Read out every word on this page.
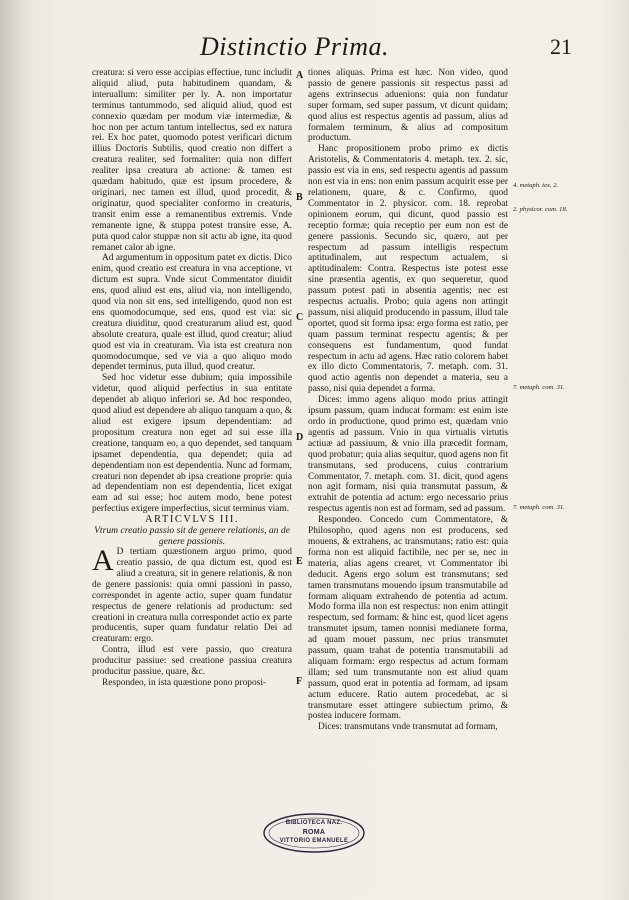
Distinctio Prima.	21

creatura: si vero esse accipias effectiue, tunc includit aliquid aliud, puta habitudinem quandam, & interuallum: similiter per ly. A. non importatur terminus tantummodo, sed aliquid aliud, quod est connexio quædam per modum viæ intermediæ, & hoc non per actum tantum intellectus, sed ex natura rei. Ex hoc patet, quomodo potest verificari dictum illius Doctoris Subtilis, quod creatio non differt a creatura realiter, sed formaliter: quia non differt realiter ipsa creatura ab actione: & tamen est quædam habitudo, quæ est ipsum procedere, & originari, nec tamen est illud, quod procedit, & originatur, quod specialiter conformo in creaturis, transit enim esse a remanentibus extremis. Vnde remanente igne, & stuppa potest transire esse, A. puta quod calor stuppæ non sit actu ab igne, ita quod remanet calor ab igne.

Ad argumentum in oppositum patet ex dictis. Dico enim, quod creatio est creatura in vna acceptione, vt dictum est supra. Vnde sicut Commentator diuidit ens, quod aliud est ens, aliud via, non intelligendo, quod via non sit ens, sed intelligendo, quod non est ens quomodocumque, sed ens, quod est via: sic creatura diuiditur, quod creaturarum aliud est, quod absolute creatura, quale est illud, quod creatur; aliud quod est via in creaturam. Via ista est creatura non quomodocumque, sed ve via a quo aliquo modo dependet terminus, puta illud, quod creatur.

Sed hoc videtur esse dubium; quia impossibile videtur, quod aliquid perfectius in sua entitate dependet ab aliquo inferiori se. Ad hoc respondeo, quod aliud est dependere ab aliquo tanquam a quo, & aliud est exigere ipsum dependentiam: ad propositum creatura non eget ad sui esse illa creatione, tanquam eo, a quo dependet, sed tanquam ipsamet dependentia, qua dependet; quia ad dependentiam non est dependentia. Nunc ad formam, creaturi non dependet ab ipsa creatione proprie: quia ad dependentiam non est dependentia, licet exigat eam ad sui esse; hoc autem modo, bene potest perfectius exigere imperfectius, sicut terminus viam.

ARTICVLVS III.

Vtrum creatio passio sit de genere relationis, an de genere passionis.

A D tertiam quæstionem arguo primo, quod creatio passio, de qua dictum est, quod est aliud a creatura, sit in genere relationis, & non de genere passionis: quia omni passioni in passo, correspondet in agente actio, super quam fundatur respectus de genere relationis ad productum: sed creationi in creatura nulla correspondet actio ex parte producentis, super quam fundatur relatio Dei ad creaturam: ergo.

Contra, illud est vere passio, quo creatura producitur passiue: sed creatione passiua creatura producitur passiue, quare, &c.

Respondeo, in ista quæstione pono proposi-

tiones aliquas. Prima est hæc. Non video, quod passio de genere passionis sit respectus passi ad agens extrinsecus aduenions: quia non fundatur super formam, sed super passum, vt dicunt quidam; quod alius est respectus agentis ad passum, alius ad formalem terminum, & alius ad compositum productum.

Hanc propositionem probo primo ex dictis Aristotelis, & Commentatoris 4. metaph. tex. 2. sic, passio est via in ens, sed respectu agentis ad passum non est via in ens: non enim passum acquirit esse per relationem, quare, & c. Confirmo, quod Commentator in 2. physicor. com. 18. reprobat opinionem eorum, qui dicunt, quod passio est receptio formæ; quia receptio per eum non est de genere passionis. Secundo sic, quæro, aut per respectum ad passum intelligis respectum aptitudinalem, aut respectum actualem, si aptitudinalem: Contra. Respectus iste potest esse sine præsentia agentis, ex quo sequeretur, quod passum potest pati in absentia agentis; nec est respectus actualis. Probo; quia agens non attingit passum, nisi aliquid producendo in passum, illud tale oportet, quod sit forma ipsa: ergo forma est ratio, per quam passum terminat respectu agentis; & per consequens est fundamentum, quod fundat respectum in actu ad agens. Hæc ratio colorem habet ex illo dicto Commentatoris, 7. metaph. com. 31. quod actio agentis non dependet a materia, seu a passo, nisi quia dependet a forma.

Dices: immo agens aliquo modo prius attingit ipsum passum, quam inducat formam: est enim iste ordo in productione, quod primo est, quædam vnio agentis ad passum. Vnio in qua virtualis virtutis actiuæ ad passiuum, & vnio illa præcedit formam, quod probatur; quia alias sequitur, quod agens non fit transmutans, sed producens, cuius contrarium Commentator, 7. metaph. com. 31. dicit, quod agens non agit formam, nisi quia transmutat passum, & extrahit de potentia ad actum: ergo necessario prius respectus agentis non est ad formam, sed ad passum.

Respondeo. Concedo cum Commentatore, & Philosopho, quod agens non est producens, sed mouens, & extrahens, ac transmutans; ratio est: quia forma non est aliquid factibile, nec per se, nec in materia, alias agens crearet, vt Commentator ibi deducit. Agens ergo solum est transmutans; sed tamen transmutans mouendo ipsum transmutabile ad formam aliquam extrahendo de potentia ad actum. Modo forma illa non est respectus: non enim attingit respectum, sed formam: & hinc est, quod licet agens transmutet ipsum, tamen nonnisi medianete forma, ad quam mouet passum, nec prius transmutet passum, quam trahat de potentia transmutabili ad aliquam formam: ergo respectus ad actum formam illam; sed tum transmutante non est aliud quam passum, quod erat in potentia ad formam, ad ipsam actum educere. Ratio autem procedebat, ac si transmutare esset attingere subiectum primo, & postea inducere formam.

Dices: transmutans vnde transmutat ad formam,

A
B
C
D
E
F
4. metaph. tex. 2.
2. physicor. com. 18.
7. metaph. com. 31.
7. metaph. com. 31.
BIBLIOTECA NAZ.
ROMA
VITTORIO EMANUELE
